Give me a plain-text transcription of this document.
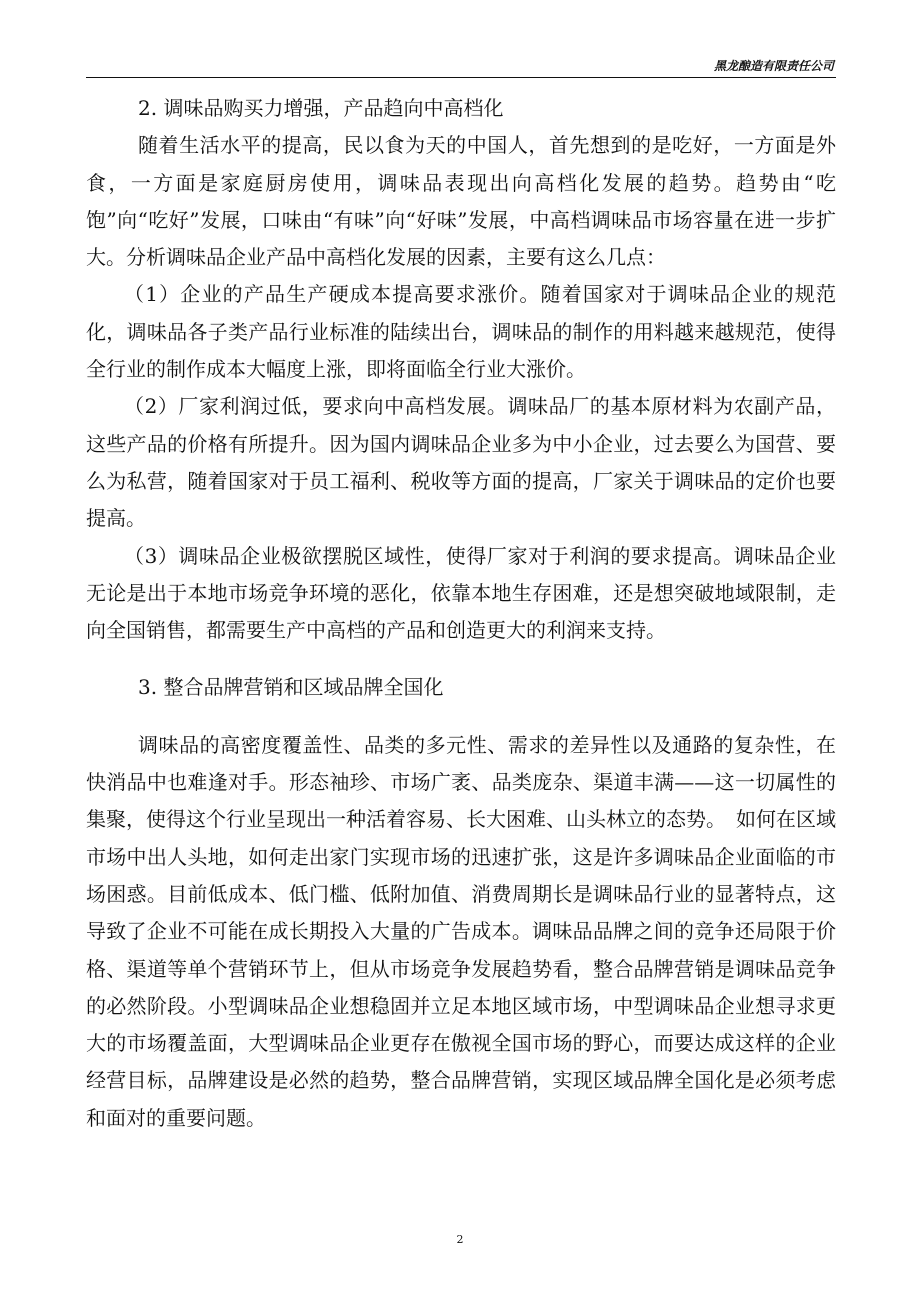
黑龙酿造有限责任公司

2. 调味品购买力增强，产品趋向中高档化

随着生活水平的提高，民以食为天的中国人，首先想到的是吃好，一方面是外食，一方面是家庭厨房使用，调味品表现出向高档化发展的趋势。趋势由“吃饱”向“吃好”发展，口味由“有味”向“好味”发展，中高档调味品市场容量在进一步扩大。分析调味品企业产品中高档化发展的因素，主要有这么几点：

（1）企业的产品生产硬成本提高要求涨价。随着国家对于调味品企业的规范化，调味品各子类产品行业标准的陆续出台，调味品的制作的用料越来越规范，使得全行业的制作成本大幅度上涨，即将面临全行业大涨价。

（2）厂家利润过低，要求向中高档发展。调味品厂的基本原材料为农副产品，这些产品的价格有所提升。因为国内调味品企业多为中小企业，过去要么为国营、要么为私营，随着国家对于员工福利、税收等方面的提高，厂家关于调味品的定价也要提高。

（3）调味品企业极欲摆脱区域性，使得厂家对于利润的要求提高。调味品企业无论是出于本地市场竞争环境的恶化，依靠本地生存困难，还是想突破地域限制，走向全国销售，都需要生产中高档的产品和创造更大的利润来支持。

3. 整合品牌营销和区域品牌全国化

调味品的高密度覆盖性、品类的多元性、需求的差异性以及通路的复杂性，在快消品中也难逢对手。形态袖珍、市场广袤、品类庞杂、渠道丰满——这一切属性的集聚，使得这个行业呈现出一种活着容易、长大困难、山头林立的态势。　如何在区域市场中出人头地，如何走出家门实现市场的迅速扩张，这是许多调味品企业面临的市场困惑。目前低成本、低门槛、低附加值、消费周期长是调味品行业的显著特点，这导致了企业不可能在成长期投入大量的广告成本。调味品品牌之间的竞争还局限于价格、渠道等单个营销环节上，但从市场竞争发展趋势看，整合品牌营销是调味品竞争的必然阶段。小型调味品企业想稳固并立足本地区域市场，中型调味品企业想寻求更大的市场覆盖面，大型调味品企业更存在傲视全国市场的野心，而要达成这样的企业经营目标，品牌建设是必然的趋势，整合品牌营销，实现区域品牌全国化是必须考虑和面对的重要问题。

2
